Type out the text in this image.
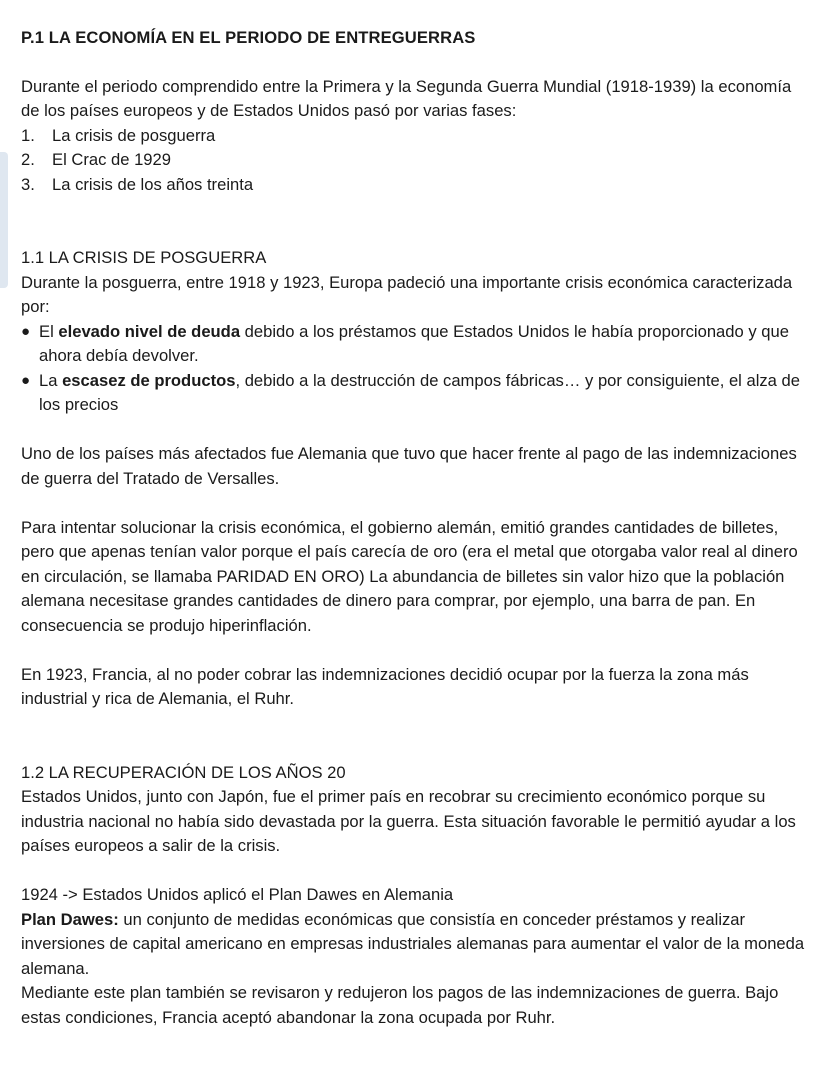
P.1 LA ECONOMÍA EN EL PERIODO DE ENTREGUERRAS

Durante el periodo comprendido entre la Primera y la Segunda Guerra Mundial (1918-1939) la economía de los países europeos y de Estados Unidos pasó por varias fases:

1.	La crisis de posguerra
2.	El Crac de 1929
3.	La crisis de los años treinta

1.1 LA CRISIS DE POSGUERRA

Durante la posguerra, entre 1918 y 1923, Europa padeció una importante crisis económica caracterizada por:

● El elevado nivel de deuda debido a los préstamos que Estados Unidos le había proporcionado y que ahora debía devolver.
● La escasez de productos, debido a la destrucción de campos fábricas… y por consiguiente, el alza de los precios

Uno de los países más afectados fue Alemania que tuvo que hacer frente al pago de las indemnizaciones de guerra del Tratado de Versalles.

Para intentar solucionar la crisis económica, el gobierno alemán, emitió grandes cantidades de billetes, pero que apenas tenían valor porque el país carecía de oro (era el metal que otorgaba valor real al dinero en circulación, se llamaba PARIDAD EN ORO) La abundancia de billetes sin valor hizo que la población alemana necesitase grandes cantidades de dinero para comprar, por ejemplo, una barra de pan. En consecuencia se produjo hiperinflación.

En 1923, Francia, al no poder cobrar las indemnizaciones decidió ocupar por la fuerza la zona más industrial y rica de Alemania, el Ruhr.

1.2 LA RECUPERACIÓN DE LOS AÑOS 20

Estados Unidos, junto con Japón, fue el primer país en recobrar su crecimiento económico porque su industria nacional no había sido devastada por la guerra. Esta situación favorable le permitió ayudar a los países europeos a salir de la crisis.

1924 -> Estados Unidos aplicó el Plan Dawes en Alemania

Plan Dawes: un conjunto de medidas económicas que consistía en conceder préstamos y realizar inversiones de capital americano en empresas industriales alemanas para aumentar el valor de la moneda alemana.

Mediante este plan también se revisaron y redujeron los pagos de las indemnizaciones de guerra. Bajo estas condiciones, Francia aceptó abandonar la zona ocupada por Ruhr.
